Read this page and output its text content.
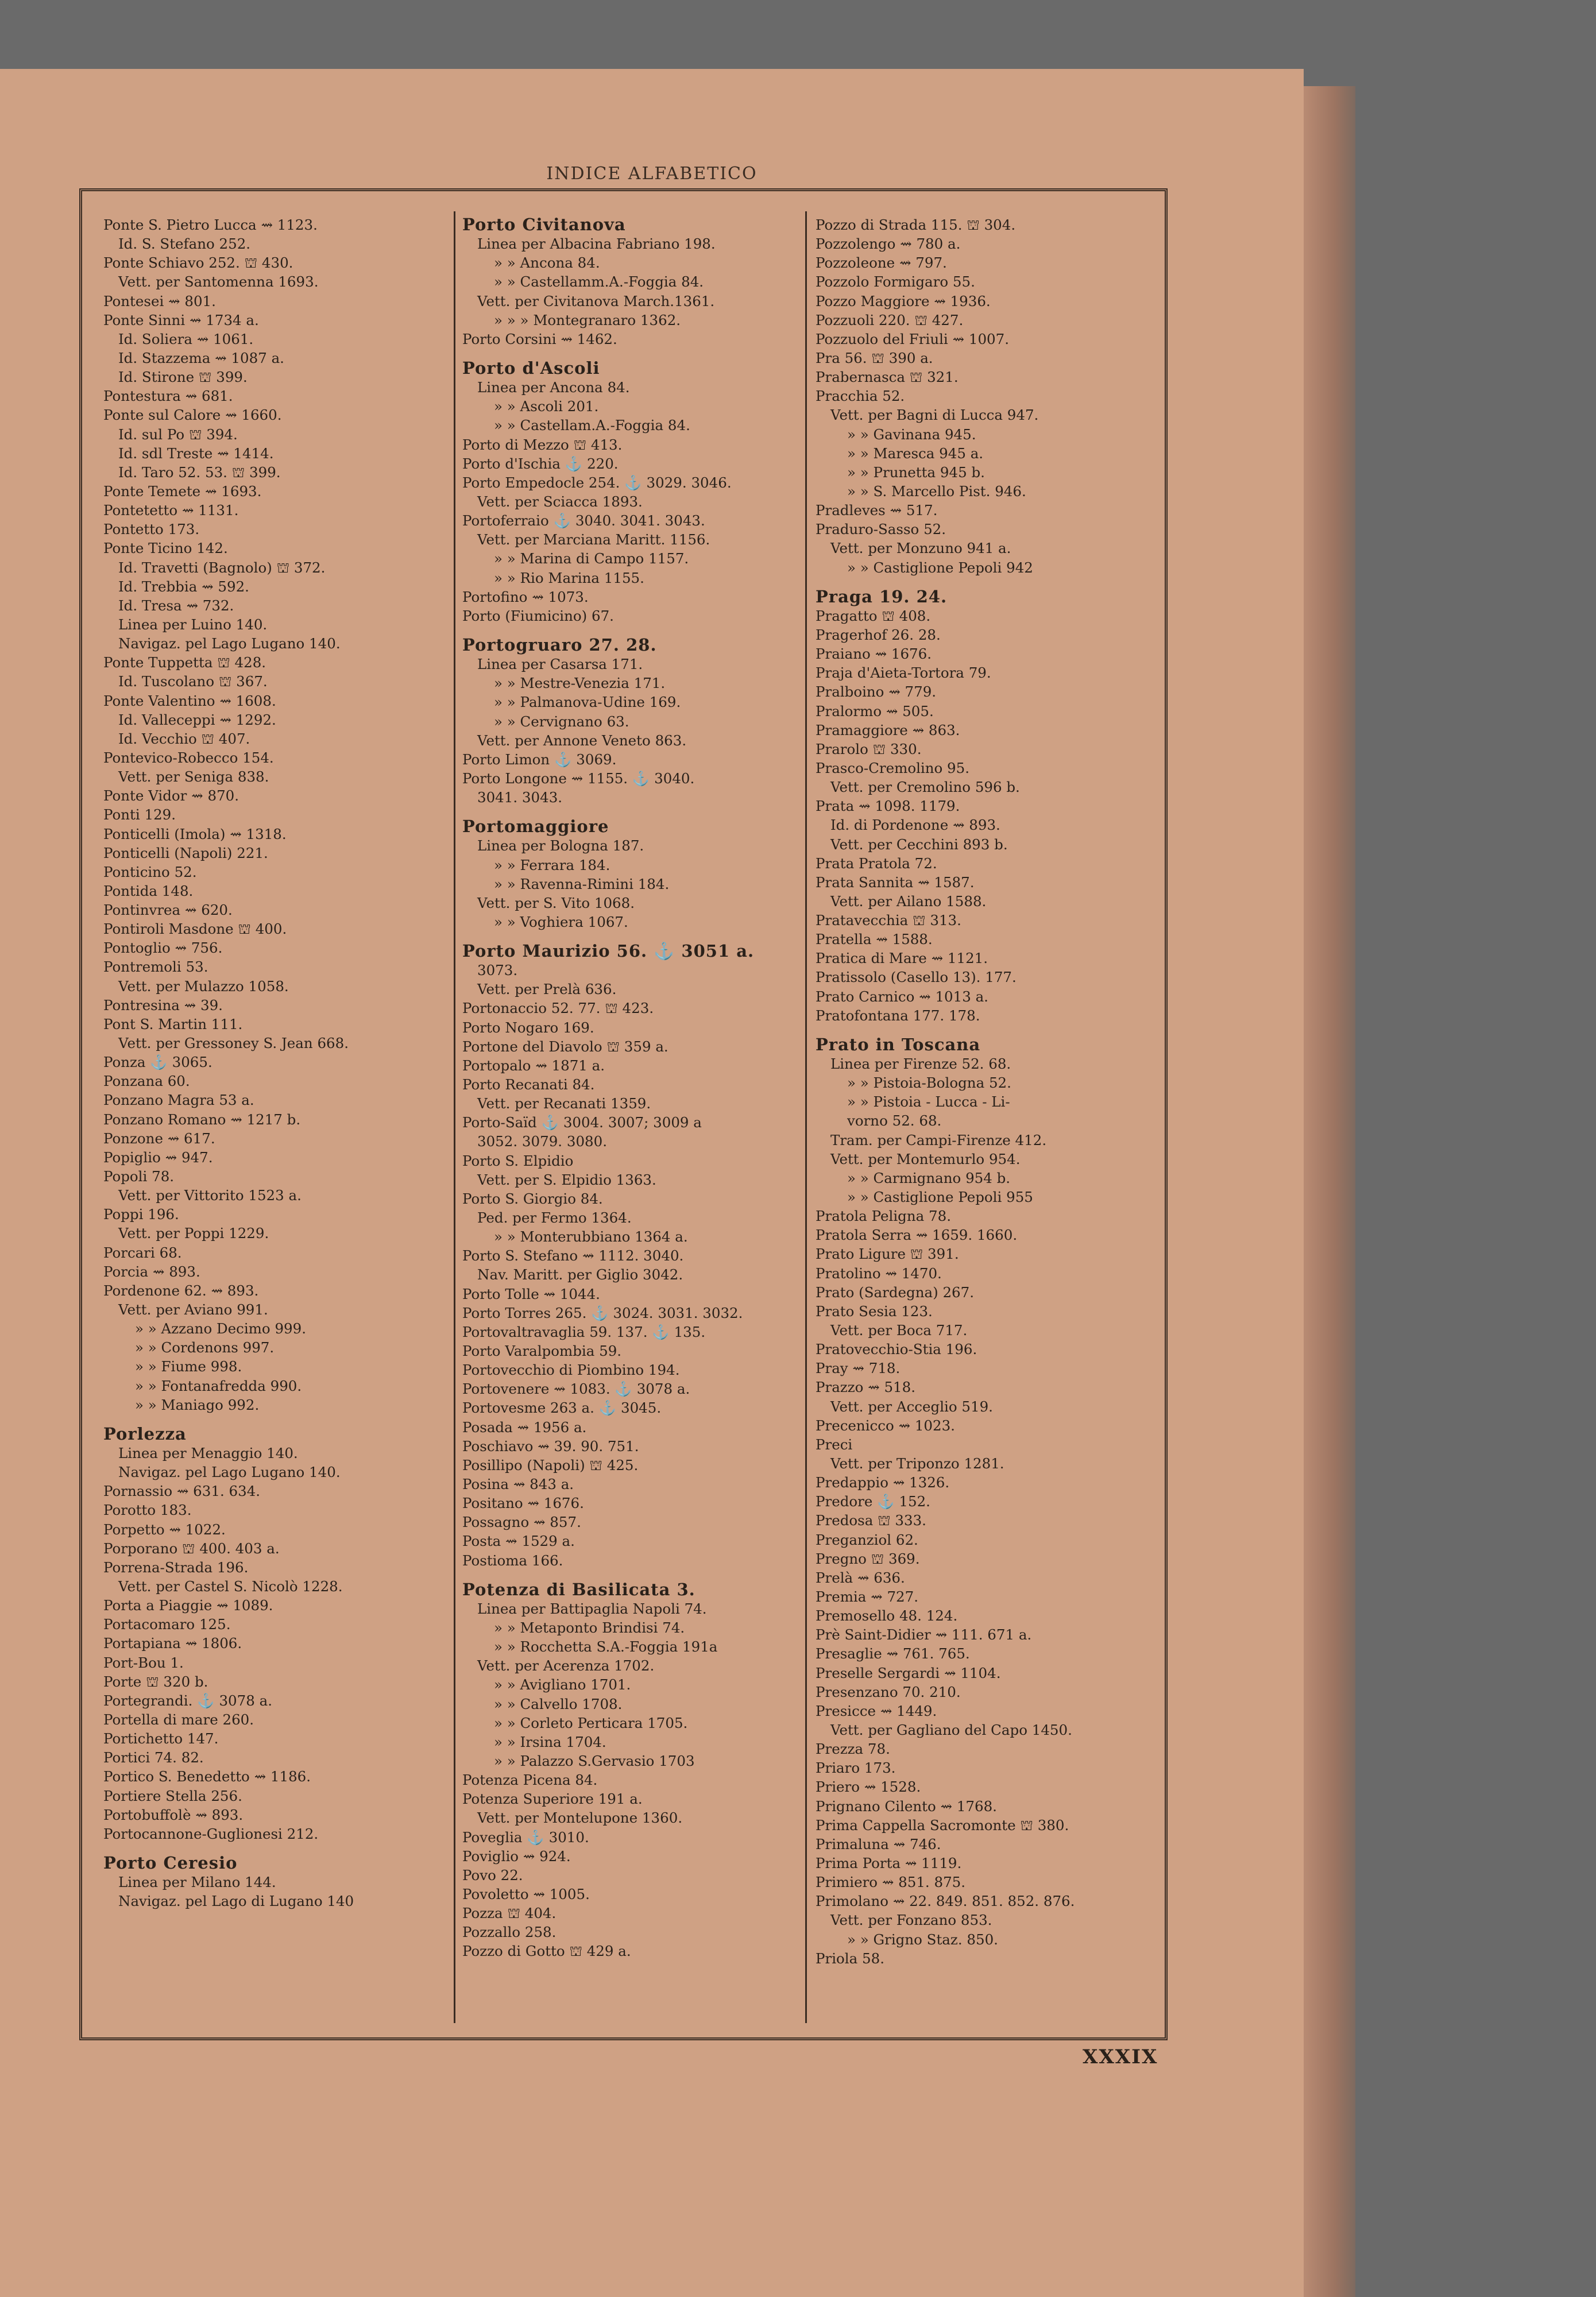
INDICE ALFABETICO
Ponte S. Pietro Lucca ⇝ 1123.
Id. S. Stefano 252.
Ponte Schiavo 252. ⛫ 430.
Vett. per Santomenna 1693.
Pontesei ⇝ 801.
Ponte Sinni ⇝ 1734 a.
Id. Soliera ⇝ 1061.
Id. Stazzema ⇝ 1087 a.
Id. Stirone ⛫ 399.
Pontestura ⇝ 681.
Ponte sul Calore ⇝ 1660.
Id. sul Po ⛫ 394.
Id. sdl Treste ⇝ 1414.
Id. Taro 52. 53. ⛫ 399.
Ponte Temete ⇝ 1693.
Pontetetto ⇝ 1131.
Pontetto 173.
Ponte Ticino 142.
Id. Travetti (Bagnolo) ⛫ 372.
Id. Trebbia ⇝ 592.
Id. Tresa ⇝ 732.
Linea per Luino 140.
Navigaz. pel Lago Lugano 140.
Ponte Tuppetta ⛫ 428.
Id. Tuscolano ⛫ 367.
Ponte Valentino ⇝ 1608.
Id. Valleceppi ⇝ 1292.
Id. Vecchio ⛫ 407.
Pontevico-Robecco 154.
Vett. per Seniga 838.
Ponte Vidor ⇝ 870.
Ponti 129.
Ponticelli (Imola) ⇝ 1318.
Ponticelli (Napoli) 221.
Ponticino 52.
Pontida 148.
Pontinvrea ⇝ 620.
Pontiroli Masdone ⛫ 400.
Pontoglio ⇝ 756.
Pontremoli 53.
Vett. per Mulazzo 1058.
Pontresina ⇝ 39.
Pont S. Martin 111.
Vett. per Gressoney S. Jean 668.
Ponza ⚓ 3065.
Ponzana 60.
Ponzano Magra 53 a.
Ponzano Romano ⇝ 1217 b.
Ponzone ⇝ 617.
Popiglio ⇝ 947.
Popoli 78.
Vett. per Vittorito 1523 a.
Poppi 196.
Vett. per Poppi 1229.
Porcari 68.
Porcia ⇝ 893.
Pordenone 62. ⇝ 893.
Vett. per Aviano 991.
» » Azzano Decimo 999.
» » Cordenons 997.
» » Fiume 998.
» » Fontanafredda 990.
» » Maniago 992.
Porlezza
Linea per Menaggio 140.
Navigaz. pel Lago Lugano 140.
Pornassio ⇝ 631. 634.
Porotto 183.
Porpetto ⇝ 1022.
Porporano ⛫ 400. 403 a.
Porrena-Strada 196.
Vett. per Castel S. Nicolò 1228.
Porta a Piaggie ⇝ 1089.
Portacomaro 125.
Portapiana ⇝ 1806.
Port-Bou 1.
Porte ⛫ 320 b.
Portegrandi. ⚓ 3078 a.
Portella di mare 260.
Portichetto 147.
Portici 74. 82.
Portico S. Benedetto ⇝ 1186.
Portiere Stella 256.
Portobuffolè ⇝ 893.
Portocannone-Guglionesi 212.
Porto Ceresio
Linea per Milano 144.
Navigaz. pel Lago di Lugano 140
Porto Civitanova
Linea per Albacina Fabriano 198.
» » Ancona 84.
» » Castellamm.A.-Foggia 84.
Vett. per Civitanova March.1361.
» » » Montegranaro 1362.
Porto Corsini ⇝ 1462.
Porto d'Ascoli
Linea per Ancona 84.
» » Ascoli 201.
» » Castellam.A.-Foggia 84.
Porto di Mezzo ⛫ 413.
Porto d'Ischia ⚓ 220.
Porto Empedocle 254. ⚓ 3029. 3046.
Vett. per Sciacca 1893.
Portoferraio ⚓ 3040. 3041. 3043.
Vett. per Marciana Maritt. 1156.
» » Marina di Campo 1157.
» » Rio Marina 1155.
Portofino ⇝ 1073.
Porto (Fiumicino) 67.
Portogruaro 27. 28.
Linea per Casarsa 171.
» » Mestre-Venezia 171.
» » Palmanova-Udine 169.
» » Cervignano 63.
Vett. per Annone Veneto 863.
Porto Limon ⚓ 3069.
Porto Longone ⇝ 1155. ⚓ 3040.
3041. 3043.
Portomaggiore
Linea per Bologna 187.
» » Ferrara 184.
» » Ravenna-Rimini 184.
Vett. per S. Vito 1068.
» » Voghiera 1067.
Porto Maurizio 56. ⚓ 3051 a.
3073.
Vett. per Prelà 636.
Portonaccio 52. 77. ⛫ 423.
Porto Nogaro 169.
Portone del Diavolo ⛫ 359 a.
Portopalo ⇝ 1871 a.
Porto Recanati 84.
Vett. per Recanati 1359.
Porto-Saïd ⚓ 3004. 3007; 3009 a
3052. 3079. 3080.
Porto S. Elpidio
Vett. per S. Elpidio 1363.
Porto S. Giorgio 84.
Ped. per Fermo 1364.
» » Monterubbiano 1364 a.
Porto S. Stefano ⇝ 1112. 3040.
Nav. Maritt. per Giglio 3042.
Porto Tolle ⇝ 1044.
Porto Torres 265. ⚓ 3024. 3031. 3032.
Portovaltravaglia 59. 137. ⚓ 135.
Porto Varalpombia 59.
Portovecchio di Piombino 194.
Portovenere ⇝ 1083. ⚓ 3078 a.
Portovesme 263 a. ⚓ 3045.
Posada ⇝ 1956 a.
Poschiavo ⇝ 39. 90. 751.
Posillipo (Napoli) ⛫ 425.
Posina ⇝ 843 a.
Positano ⇝ 1676.
Possagno ⇝ 857.
Posta ⇝ 1529 a.
Postioma 166.
Potenza di Basilicata 3.
Linea per Battipaglia Napoli 74.
» » Metaponto Brindisi 74.
» » Rocchetta S.A.-Foggia 191a
Vett. per Acerenza 1702.
» » Avigliano 1701.
» » Calvello 1708.
» » Corleto Perticara 1705.
» » Irsina 1704.
» » Palazzo S.Gervasio 1703
Potenza Picena 84.
Potenza Superiore 191 a.
Vett. per Montelupone 1360.
Poveglia ⚓ 3010.
Poviglio ⇝ 924.
Povo 22.
Povoletto ⇝ 1005.
Pozza ⛫ 404.
Pozzallo 258.
Pozzo di Gotto ⛫ 429 a.
Pozzo di Strada 115. ⛫ 304.
Pozzolengo ⇝ 780 a.
Pozzoleone ⇝ 797.
Pozzolo Formigaro 55.
Pozzo Maggiore ⇝ 1936.
Pozzuoli 220. ⛫ 427.
Pozzuolo del Friuli ⇝ 1007.
Pra 56. ⛫ 390 a.
Prabernasca ⛫ 321.
Pracchia 52.
Vett. per Bagni di Lucca 947.
» » Gavinana 945.
» » Maresca 945 a.
» » Prunetta 945 b.
» » S. Marcello Pist. 946.
Pradleves ⇝ 517.
Praduro-Sasso 52.
Vett. per Monzuno 941 a.
» » Castiglione Pepoli 942
Praga 19. 24.
Pragatto ⛫ 408.
Pragerhof 26. 28.
Praiano ⇝ 1676.
Praja d'Aieta-Tortora 79.
Pralboino ⇝ 779.
Pralormo ⇝ 505.
Pramaggiore ⇝ 863.
Prarolo ⛫ 330.
Prasco-Cremolino 95.
Vett. per Cremolino 596 b.
Prata ⇝ 1098. 1179.
Id. di Pordenone ⇝ 893.
Vett. per Cecchini 893 b.
Prata Pratola 72.
Prata Sannita ⇝ 1587.
Vett. per Ailano 1588.
Pratavecchia ⛫ 313.
Pratella ⇝ 1588.
Pratica di Mare ⇝ 1121.
Pratissolo (Casello 13). 177.
Prato Carnico ⇝ 1013 a.
Pratofontana 177. 178.
Prato in Toscana
Linea per Firenze 52. 68.
» » Pistoia-Bologna 52.
» » Pistoia - Lucca - Li-
vorno 52. 68.
Tram. per Campi-Firenze 412.
Vett. per Montemurlo 954.
» » Carmignano 954 b.
» » Castiglione Pepoli 955
Pratola Peligna 78.
Pratola Serra ⇝ 1659. 1660.
Prato Ligure ⛫ 391.
Pratolino ⇝ 1470.
Prato (Sardegna) 267.
Prato Sesia 123.
Vett. per Boca 717.
Pratovecchio-Stia 196.
Pray ⇝ 718.
Prazzo ⇝ 518.
Vett. per Acceglio 519.
Precenicco ⇝ 1023.
Preci
Vett. per Triponzo 1281.
Predappio ⇝ 1326.
Predore ⚓ 152.
Predosa ⛫ 333.
Preganziol 62.
Pregno ⛫ 369.
Prelà ⇝ 636.
Premia ⇝ 727.
Premosello 48. 124.
Prè Saint-Didier ⇝ 111. 671 a.
Presaglie ⇝ 761. 765.
Preselle Sergardi ⇝ 1104.
Presenzano 70. 210.
Presicce ⇝ 1449.
Vett. per Gagliano del Capo 1450.
Prezza 78.
Priaro 173.
Priero ⇝ 1528.
Prignano Cilento ⇝ 1768.
Prima Cappella Sacromonte ⛫ 380.
Primaluna ⇝ 746.
Prima Porta ⇝ 1119.
Primiero ⇝ 851. 875.
Primolano ⇝ 22. 849. 851. 852. 876.
Vett. per Fonzano 853.
» » Grigno Staz. 850.
Priola 58.
XXXIX
